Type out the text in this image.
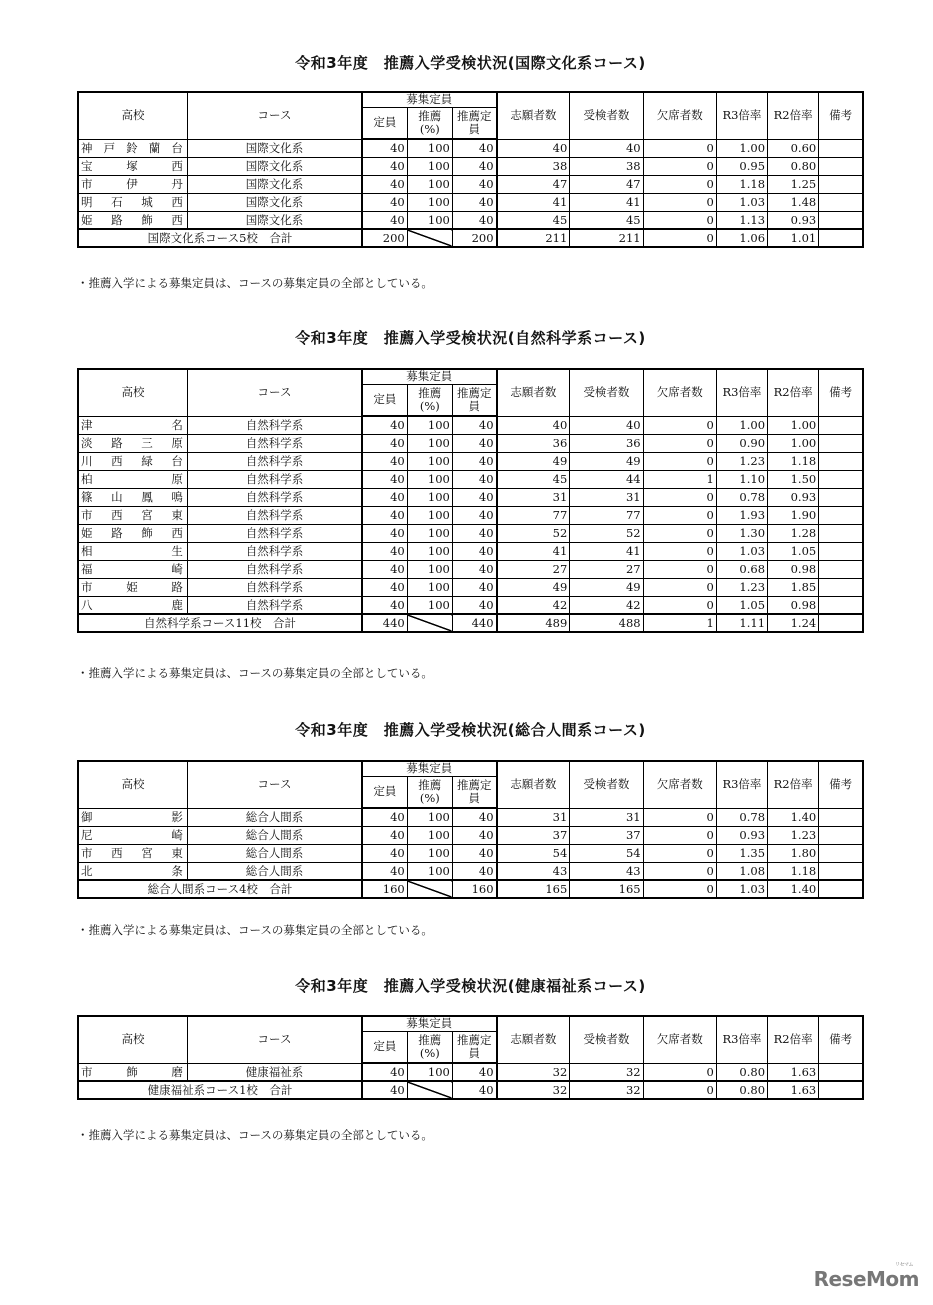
令和3年度　推薦入学受検状況(国際文化系コース)
高校	コース	募集定員			志願者数	受検者数	欠席者数	R3倍率	R2倍率	備考
		定員	推薦(%)	推薦定員						
神戸鈴蘭台	国際文化系	40	100	40	40	40	0	1.00	0.60	
宝塚西	国際文化系	40	100	40	38	38	0	0.95	0.80	
市伊丹	国際文化系	40	100	40	47	47	0	1.18	1.25	
明石城西	国際文化系	40	100	40	41	41	0	1.03	1.48	
姫路飾西	国際文化系	40	100	40	45	45	0	1.13	0.93	
国際文化系コース5校　合計		200		200	211	211	0	1.06	1.01	
・推薦入学による募集定員は、コースの募集定員の全部としている。
令和3年度　推薦入学受検状況(自然科学系コース)
高校	コース	募集定員			志願者数	受検者数	欠席者数	R3倍率	R2倍率	備考
		定員	推薦(%)	推薦定員						
津名	自然科学系	40	100	40	40	40	0	1.00	1.00	
淡路三原	自然科学系	40	100	40	36	36	0	0.90	1.00	
川西緑台	自然科学系	40	100	40	49	49	0	1.23	1.18	
柏原	自然科学系	40	100	40	45	44	1	1.10	1.50	
篠山鳳鳴	自然科学系	40	100	40	31	31	0	0.78	0.93	
市西宮東	自然科学系	40	100	40	77	77	0	1.93	1.90	
姫路飾西	自然科学系	40	100	40	52	52	0	1.30	1.28	
相生	自然科学系	40	100	40	41	41	0	1.03	1.05	
福崎	自然科学系	40	100	40	27	27	0	0.68	0.98	
市姫路	自然科学系	40	100	40	49	49	0	1.23	1.85	
八鹿	自然科学系	40	100	40	42	42	0	1.05	0.98	
自然科学系コース11校　合計		440		440	489	488	1	1.11	1.24	
・推薦入学による募集定員は、コースの募集定員の全部としている。
令和3年度　推薦入学受検状況(総合人間系コース)
高校	コース	募集定員			志願者数	受検者数	欠席者数	R3倍率	R2倍率	備考
		定員	推薦(%)	推薦定員						
御影	総合人間系	40	100	40	31	31	0	0.78	1.40	
尼崎	総合人間系	40	100	40	37	37	0	0.93	1.23	
市西宮東	総合人間系	40	100	40	54	54	0	1.35	1.80	
北条	総合人間系	40	100	40	43	43	0	1.08	1.18	
総合人間系コース4校　合計		160		160	165	165	0	1.03	1.40	
・推薦入学による募集定員は、コースの募集定員の全部としている。
令和3年度　推薦入学受検状況(健康福祉系コース)
高校	コース	募集定員			志願者数	受検者数	欠席者数	R3倍率	R2倍率	備考
		定員	推薦(%)	推薦定員						
市飾磨	健康福祉系	40	100	40	32	32	0	0.80	1.63	
健康福祉系コース1校　合計		40		40	32	32	0	0.80	1.63	
・推薦入学による募集定員は、コースの募集定員の全部としている。
ReseMom
リセマム
